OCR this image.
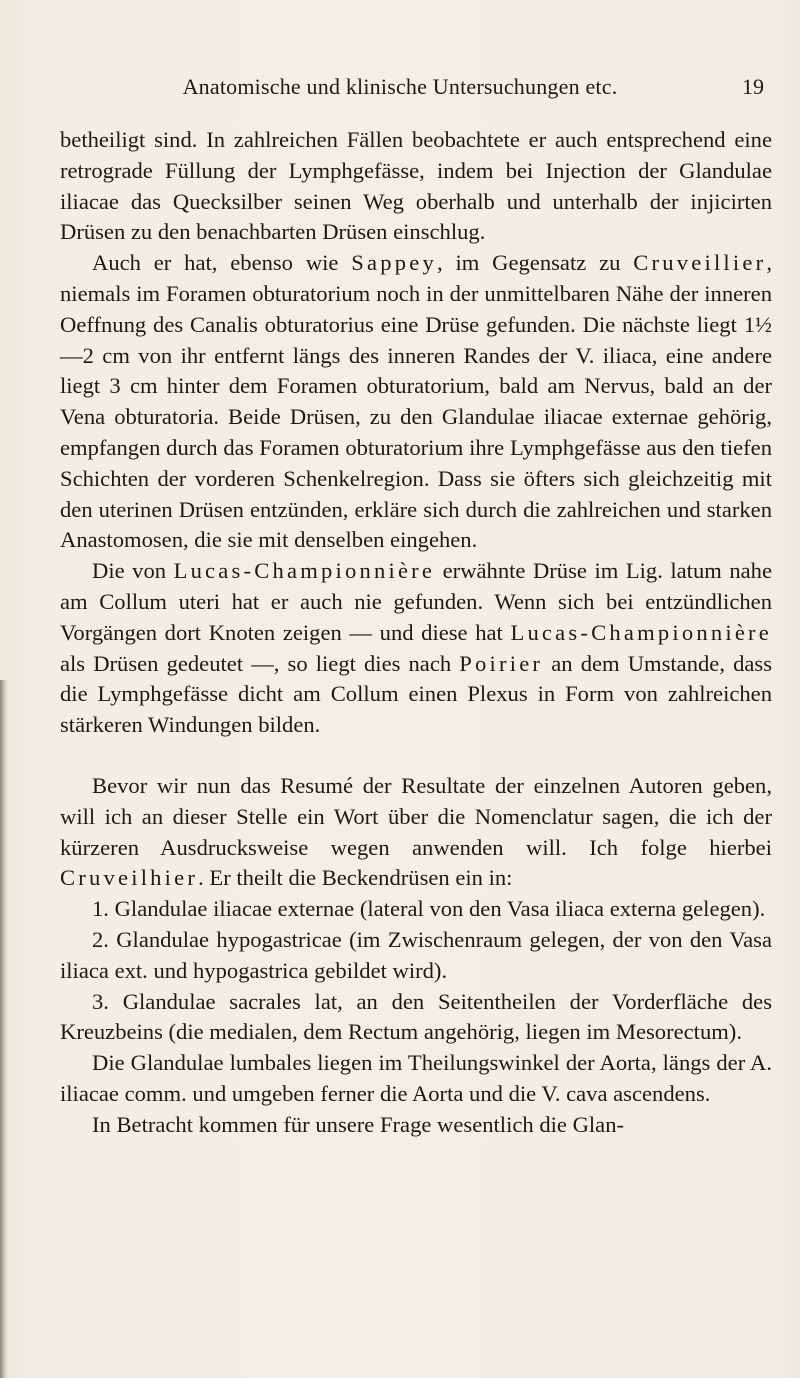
Anatomische und klinische Untersuchungen etc.	19

betheiligt sind. In zahlreichen Fällen beobachtete er auch entsprechend eine retrograde Füllung der Lymphgefässe, indem bei Injection der Glandulae iliacae das Quecksilber seinen Weg oberhalb und unterhalb der injicirten Drüsen zu den benachbarten Drüsen einschlug.

Auch er hat, ebenso wie Sappey, im Gegensatz zu Cruveillier, niemals im Foramen obturatorium noch in der unmittelbaren Nähe der inneren Oeffnung des Canalis obturatorius eine Drüse gefunden. Die nächste liegt 1½—2 cm von ihr entfernt längs des inneren Randes der V. iliaca, eine andere liegt 3 cm hinter dem Foramen obturatorium, bald am Nervus, bald an der Vena obturatoria. Beide Drüsen, zu den Glandulae iliacae externae gehörig, empfangen durch das Foramen obturatorium ihre Lymphgefässe aus den tiefen Schichten der vorderen Schenkelregion. Dass sie öfters sich gleichzeitig mit den uterinen Drüsen entzünden, erkläre sich durch die zahlreichen und starken Anastomosen, die sie mit denselben eingehen.

Die von Lucas-Championnière erwähnte Drüse im Lig. latum nahe am Collum uteri hat er auch nie gefunden. Wenn sich bei entzündlichen Vorgängen dort Knoten zeigen — und diese hat Lucas-Championnière als Drüsen gedeutet —, so liegt dies nach Poirier an dem Umstande, dass die Lymphgefässe dicht am Collum einen Plexus in Form von zahlreichen stärkeren Windungen bilden.

Bevor wir nun das Resumé der Resultate der einzelnen Autoren geben, will ich an dieser Stelle ein Wort über die Nomenclatur sagen, die ich der kürzeren Ausdrucksweise wegen anwenden will. Ich folge hierbei Cruveilhier. Er theilt die Beckendrüsen ein in:

1. Glandulae iliacae externae (lateral von den Vasa iliaca externa gelegen).

2. Glandulae hypogastricae (im Zwischenraum gelegen, der von den Vasa iliaca ext. und hypogastrica gebildet wird).

3. Glandulae sacrales lat, an den Seitentheilen der Vorderfläche des Kreuzbeins (die medialen, dem Rectum angehörig, liegen im Mesorectum).

Die Glandulae lumbales liegen im Theilungswinkel der Aorta, längs der A. iliacae comm. und umgeben ferner die Aorta und die V. cava ascendens.

In Betracht kommen für unsere Frage wesentlich die Glan-
